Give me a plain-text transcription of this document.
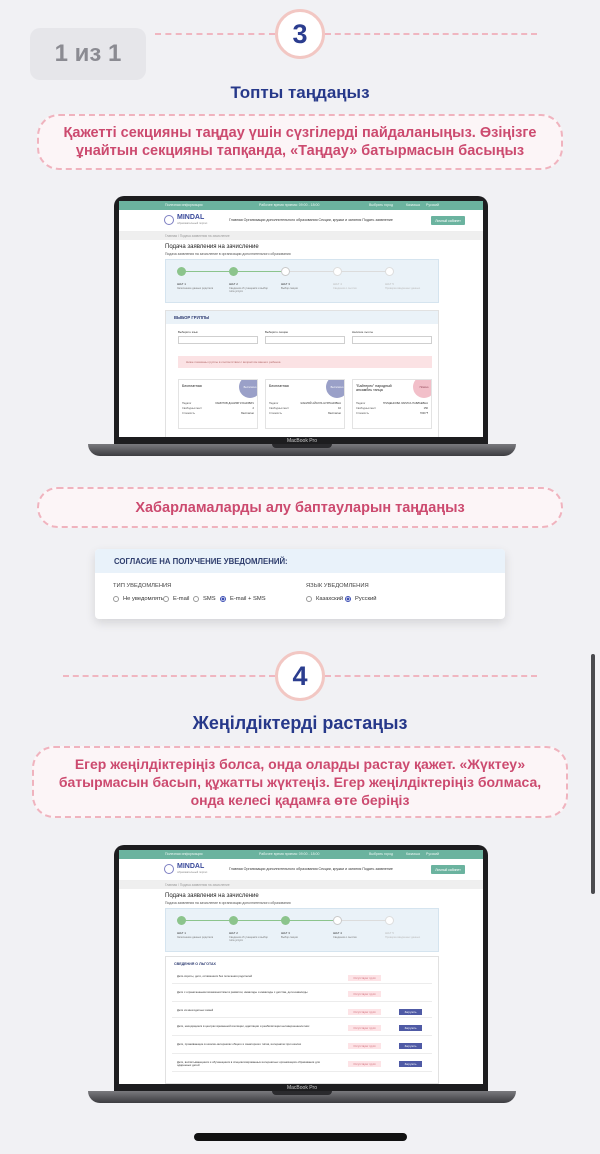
1 из 1
3
Топты таңдаңыз
Қажетті секцияны таңдау үшін сүзгілерді пайдаланыңыз. Өзіңізге ұнайтын секцияны тапқанда, «Таңдау» батырмасын басыңыз
Полезная информация	Рабочее время приема: 09:00 - 18:00	Выбрать город	Казахша Русский
MINDAL
образовательный портал
Главная Организации дополнительного образования Секции, кружки и занятия Подать заявление	Личный кабинет
Главная / Подача заявления на зачисление
Подача заявления на зачисление
Подача заявления на зачисление в организации дополнительного образования
ШАГ 1	ШАГ 2	ШАГ 3	ШАГ 4	ШАГ 5
Заполнение данных родителя	Сведения об учащемся и выбор типа услуги
Выбор секции	Сведения о льготах	Проверка введенных данных
ВЫБОР ГРУППЫ
Выберите язык	Выберите секцию	Наличие льготы
Ниже показаны группы в соответствии с возрастом вашего ребенка
Бесплатная	Бесплатно
Педагог	ХАМИТОВ ДАНИЯР КУАНОВИЧ
Свободных мест	2
Стоимость	Бесплатно
Бесплатная	Бесплатно
Педагог	ЖАКИЯЙ АЙАУЛЬ НУРЛАНОВНА
Свободных мест	10
Стоимость	Бесплатно
"Байтерек" народный ансамбль танца
Платно
Педагог	ГРИЦЕНКОВА ЛАРИСА ПАВЛЬЕВНА
Свободных мест	150
Стоимость	7000 ₸
MacBook Pro
Хабарламаларды алу баптауларын таңдаңыз
СОГЛАСИЕ НА ПОЛУЧЕНИЕ УВЕДОМЛЕНИЙ:
ТИП УВЕДОМЛЕНИЯ
Не уведомлять E-mail SMS E-mail + SMS
ЯЗЫК УВЕДОМЛЕНИЯ
Казахский Русский
4
Жеңілдіктерді растаңыз
Егер жеңілдіктеріңіз болса, онда оларды растау қажет. «Жүктеу» батырмасын басып, құжатты жүктеңіз. Егер жеңілдіктеріңіз болмаса, онда келесі қадамға өте беріңіз
Полезная информация	Рабочее время приема: 09:00 - 18:00	Выбрать город	Казахша Русский
MINDAL
образовательный портал
Главная Организации дополнительного образования Секции, кружки и занятия Подать заявление	Личный кабинет
Главная / Подача заявления на зачисление
Подача заявления на зачисление
Подача заявления на зачисление в организации дополнительного образования
ШАГ 1	ШАГ 2	ШАГ 3	ШАГ 4	ШАГ 5
Заполнение данных родителя	Сведения об учащемся и выбор типа услуги
Выбор секции	Сведения о льготах	Проверка введенных данных
СВЕДЕНИЯ О ЛЬГОТАХ
Дети-сироты, дети, оставшиеся без попечения родителей	Отсутствуют групп
Дети с ограниченными возможностями в развитии, инвалиды и инвалиды с детства, дети-инвалиды	Отсутствуют групп
Дети из многодетных семей	Отсутствуют групп	Загрузить
Дети, находящиеся в центрах временной изоляции, адаптации и реабилитации несовершеннолетних	Отсутствуют групп	Загрузить
Дети, проживающие в школах-интернатах общего и санаторного типов, интернатах при школах	Отсутствуют групп	Загрузить
Дети, воспитывающиеся и обучающиеся в специализированных интернатных организациях образования для одаренных детей	Отсутствуют групп	Загрузить
MacBook Pro
